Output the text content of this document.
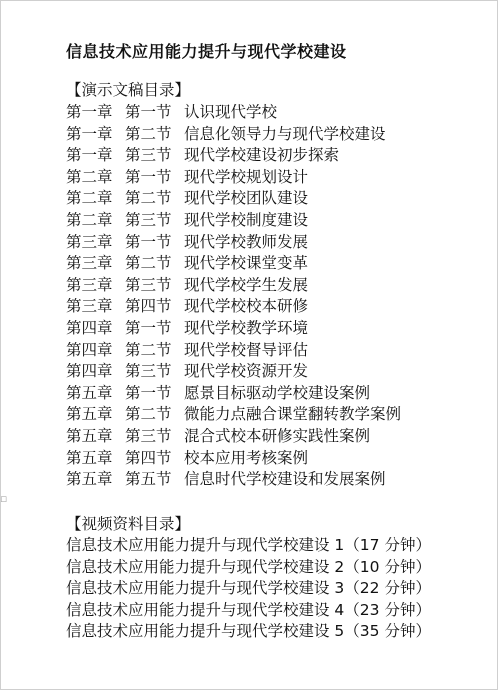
▫
信息技术应用能力提升与现代学校建设
【演示文稿目录】
第一章 第一节 认识现代学校
第一章 第二节 信息化领导力与现代学校建设
第一章 第三节 现代学校建设初步探索
第二章 第一节 现代学校规划设计
第二章 第二节 现代学校团队建设
第二章 第三节 现代学校制度建设
第三章 第一节 现代学校教师发展
第三章 第二节 现代学校课堂变革
第三章 第三节 现代学校学生发展
第三章 第四节 现代学校校本研修
第四章 第一节 现代学校教学环境
第四章 第二节 现代学校督导评估
第四章 第三节 现代学校资源开发
第五章 第一节 愿景目标驱动学校建设案例
第五章 第二节 微能力点融合课堂翻转教学案例
第五章 第三节 混合式校本研修实践性案例
第五章 第四节 校本应用考核案例
第五章 第五节 信息时代学校建设和发展案例
【视频资料目录】
信息技术应用能力提升与现代学校建设 1（17 分钟）
信息技术应用能力提升与现代学校建设 2（10 分钟）
信息技术应用能力提升与现代学校建设 3（22 分钟）
信息技术应用能力提升与现代学校建设 4（23 分钟）
信息技术应用能力提升与现代学校建设 5（35 分钟）
